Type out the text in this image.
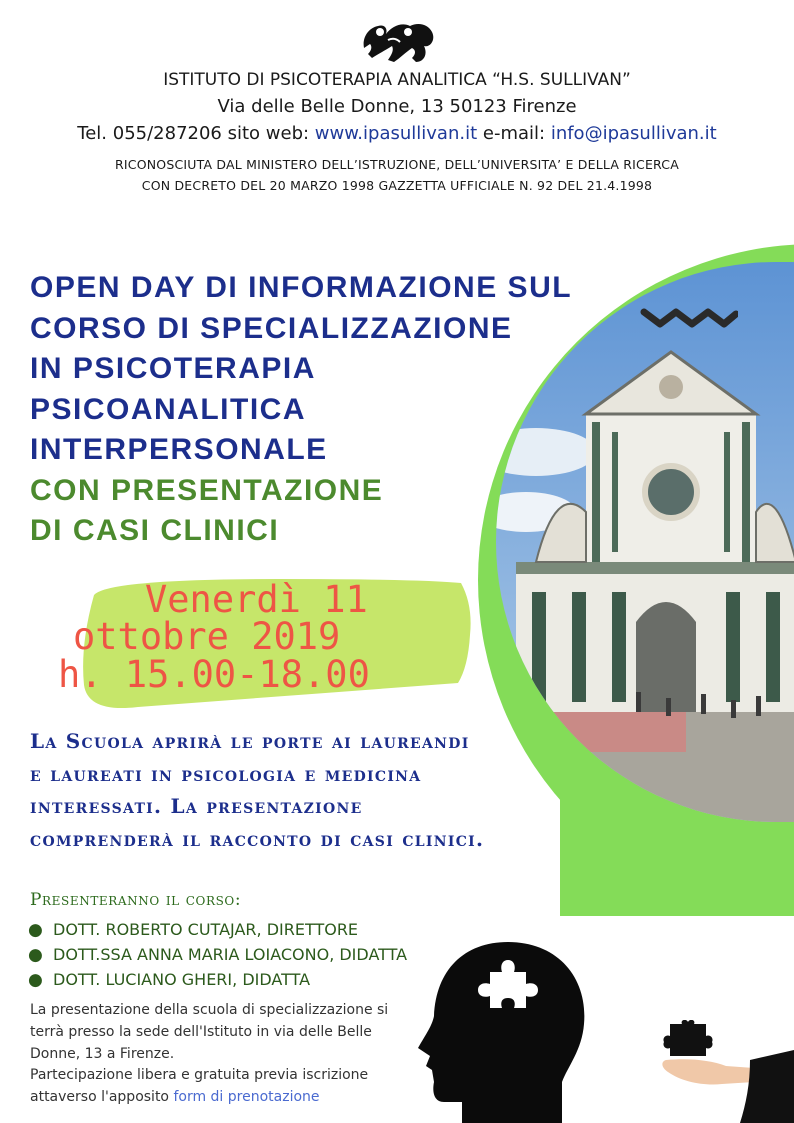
ISTITUTO DI PSICOTERAPIA ANALITICA “H.S. SULLIVAN”
Via delle Belle Donne, 13 50123 Firenze
Tel. 055/287206 sito web: www.ipasullivan.it e-mail: info@ipasullivan.it
RICONOSCIUTA DAL MINISTERO DELL’ISTRUZIONE, DELL’UNIVERSITA’ E DELLA RICERCA
CON DECRETO DEL 20 MARZO 1998 GAZZETTA UFFICIALE N. 92 DEL 21.4.1998
OPEN DAY DI INFORMAZIONE SUL
CORSO DI SPECIALIZZAZIONE
IN PSICOTERAPIA
PSICOANALITICA
INTERPERSONALE
CON PRESENTAZIONE
DI CASI CLINICI
Venerdì 11
ottobre 2019
h. 15.00-18.00
La Scuola aprirà le porte ai laureandi
e laureati in psicologia e medicina
interessati. La presentazione
comprenderà il racconto di casi clinici.
Presenteranno il corso:
● DOTT. ROBERTO CUTAJAR, DIRETTORE
● DOTT.SSA ANNA MARIA LOIACONO, DIDATTA
● DOTT. LUCIANO GHERI, DIDATTA
La presentazione della scuola di specializzazione si terrà presso la sede dell'Istituto in via delle Belle Donne, 13 a Firenze.
Partecipazione libera e gratuita previa iscrizione attaverso l'apposito form di prenotazione
